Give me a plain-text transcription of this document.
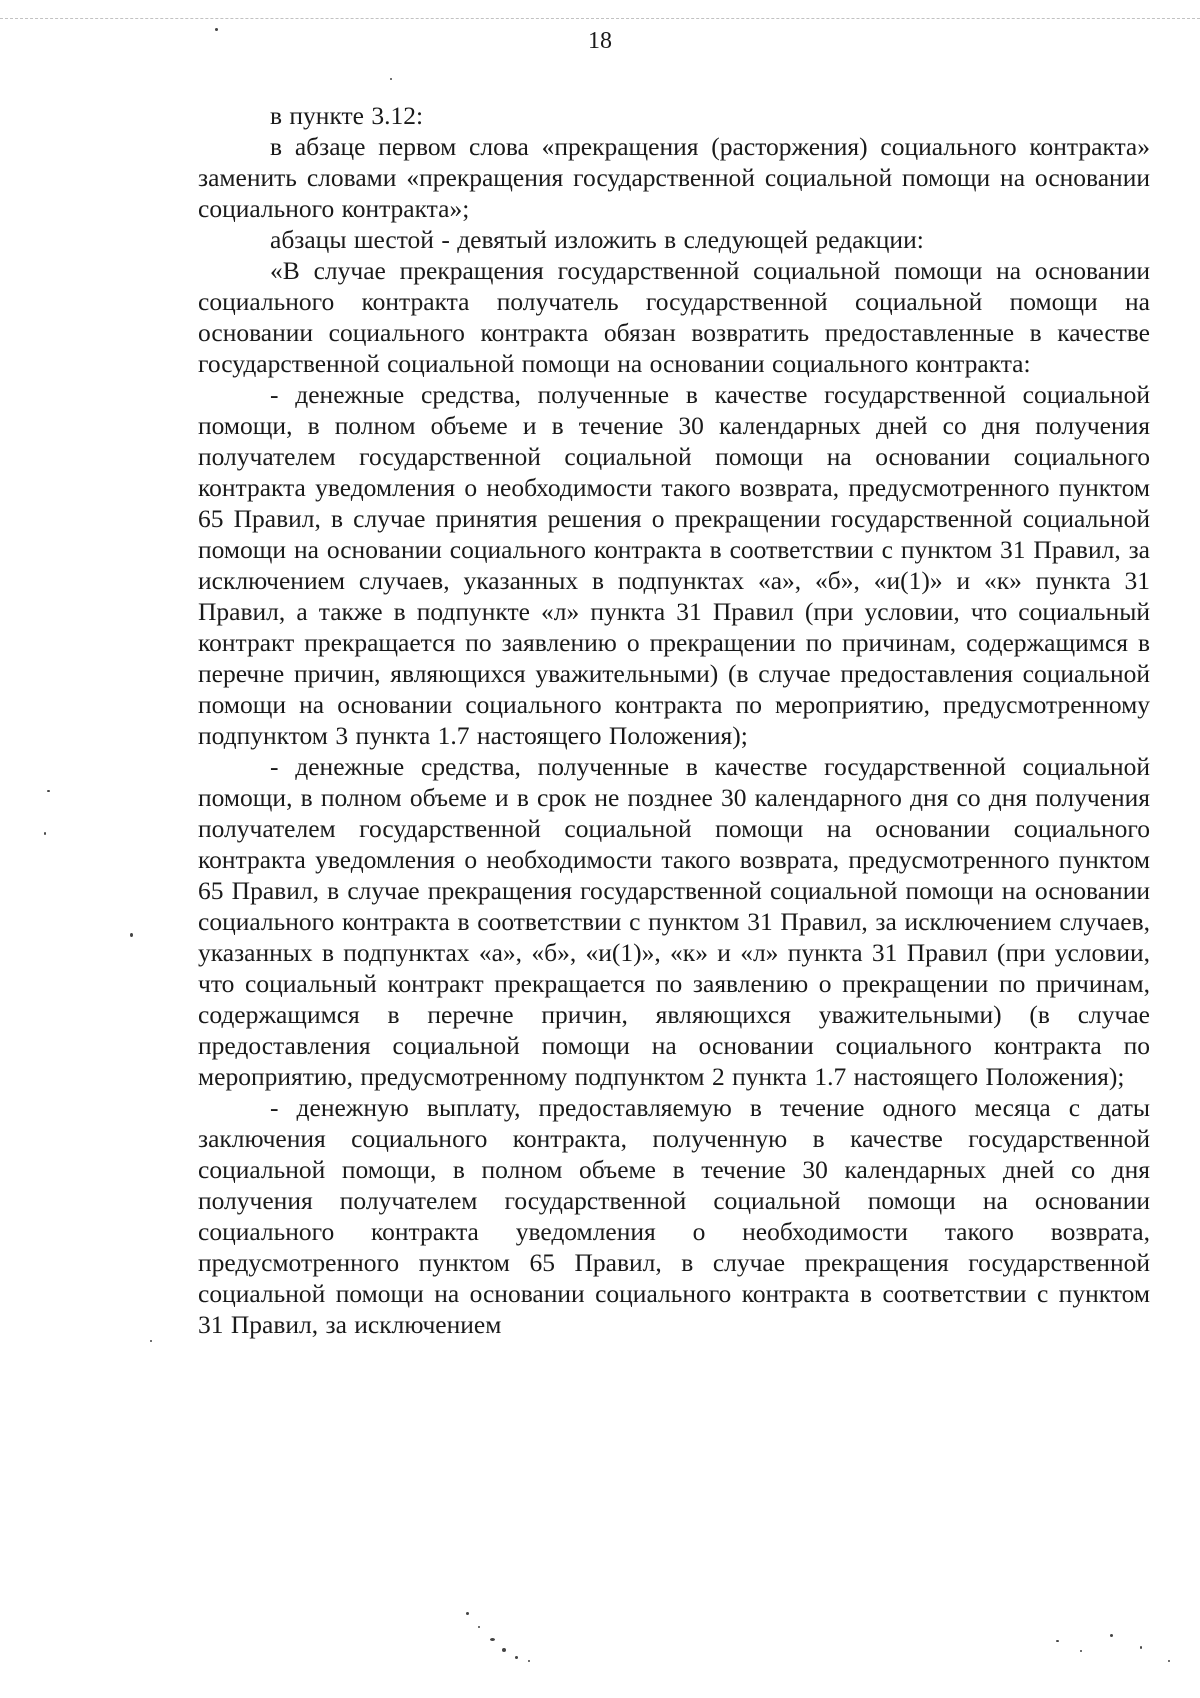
18

в пункте 3.12:

в абзаце первом слова «прекращения (расторжения) социального контракта» заменить словами «прекращения государственной социальной помощи на основании социального контракта»;

абзацы шестой - девятый изложить в следующей редакции:

«В случае прекращения государственной социальной помощи на основании социального контракта получатель государственной социальной помощи на основании социального контракта обязан возвратить предоставленные в качестве государственной социальной помощи на основании социального контракта:

- денежные средства, полученные в качестве государственной социальной помощи, в полном объеме и в течение 30 календарных дней со дня получения получателем государственной социальной помощи на основании социального контракта уведомления о необходимости такого возврата, предусмотренного пунктом 65 Правил, в случае принятия решения о прекращении государственной социальной помощи на основании социального контракта в соответствии с пунктом 31 Правил, за исключением случаев, указанных в подпунктах «а», «б», «и(1)» и «к» пункта 31 Правил, а также в подпункте «л» пункта 31 Правил (при условии, что социальный контракт прекращается по заявлению о прекращении по причинам, содержащимся в перечне причин, являющихся уважительными) (в случае предоставления социальной помощи на основании социального контракта по мероприятию, предусмотренному подпунктом 3 пункта 1.7 настоящего Положения);

- денежные средства, полученные в качестве государственной социальной помощи, в полном объеме и в срок не позднее 30 календарного дня со дня получения получателем государственной социальной помощи на основании социального контракта уведомления о необходимости такого возврата, предусмотренного пунктом 65 Правил, в случае прекращения государственной социальной помощи на основании социального контракта в соответствии с пунктом 31 Правил, за исключением случаев, указанных в подпунктах «а», «б», «и(1)», «к» и «л» пункта 31 Правил (при условии, что социальный контракт прекращается по заявлению о прекращении по причинам, содержащимся в перечне причин, являющихся уважительными) (в случае предоставления социальной помощи на основании социального контракта по мероприятию, предусмотренному подпунктом 2 пункта 1.7 настоящего Положения);

- денежную выплату, предоставляемую в течение одного месяца с даты заключения социального контракта, полученную в качестве государственной социальной помощи, в полном объеме в течение 30 календарных дней со дня получения получателем государственной социальной помощи на основании социального контракта уведомления о необходимости такого возврата, предусмотренного пунктом 65 Правил, в случае прекращения государственной социальной помощи на основании социального контракта в соответствии с пунктом 31 Правил, за исключением
